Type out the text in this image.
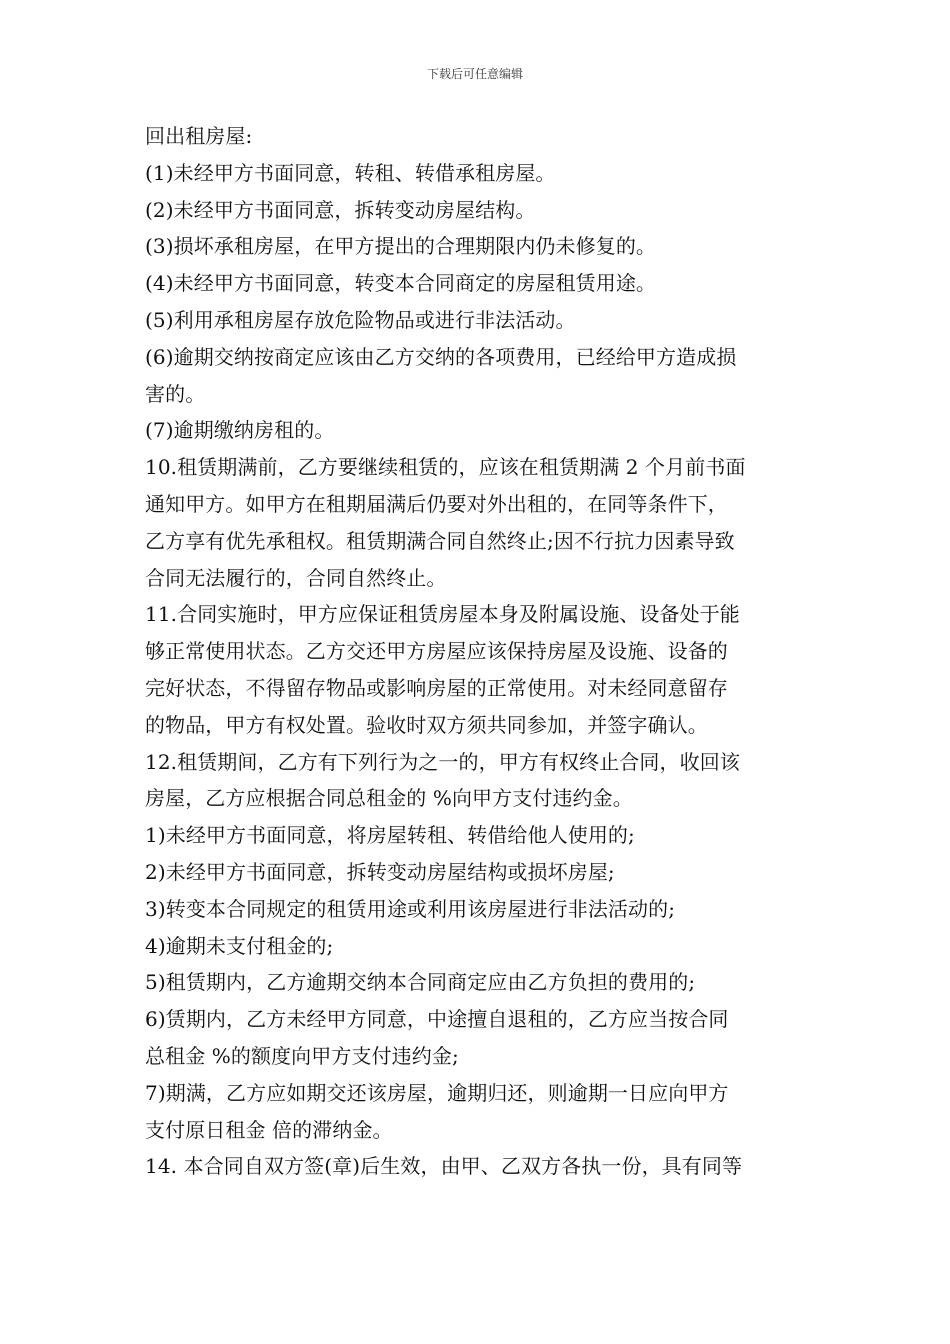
下载后可任意编辑
回出租房屋:
(1)未经甲方书面同意，转租、转借承租房屋。
(2)未经甲方书面同意，拆转变动房屋结构。
(3)损坏承租房屋，在甲方提出的合理期限内仍未修复的。
(4)未经甲方书面同意，转变本合同商定的房屋租赁用途。
(5)利用承租房屋存放危险物品或进行非法活动。
(6)逾期交纳按商定应该由乙方交纳的各项费用，已经给甲方造成损
害的。
(7)逾期缴纳房租的。
10.租赁期满前，乙方要继续租赁的，应该在租赁期满 2 个月前书面
通知甲方。如甲方在租期届满后仍要对外出租的，在同等条件下，
乙方享有优先承租权。租赁期满合同自然终止;因不行抗力因素导致
合同无法履行的，合同自然终止。
11.合同实施时，甲方应保证租赁房屋本身及附属设施、设备处于能
够正常使用状态。乙方交还甲方房屋应该保持房屋及设施、设备的
完好状态，不得留存物品或影响房屋的正常使用。对未经同意留存
的物品，甲方有权处置。验收时双方须共同参加，并签字确认。
12.租赁期间，乙方有下列行为之一的，甲方有权终止合同，收回该
房屋，乙方应根据合同总租金的 %向甲方支付违约金。
1)未经甲方书面同意，将房屋转租、转借给他人使用的;
2)未经甲方书面同意，拆转变动房屋结构或损坏房屋;
3)转变本合同规定的租赁用途或利用该房屋进行非法活动的;
4)逾期未支付租金的;
5)租赁期内，乙方逾期交纳本合同商定应由乙方负担的费用的;
6)赁期内，乙方未经甲方同意，中途擅自退租的，乙方应当按合同
总租金 %的额度向甲方支付违约金;
7)期满，乙方应如期交还该房屋，逾期归还，则逾期一日应向甲方
支付原日租金 倍的滞纳金。
14. 本合同自双方签(章)后生效，由甲、乙双方各执一份，具有同等
